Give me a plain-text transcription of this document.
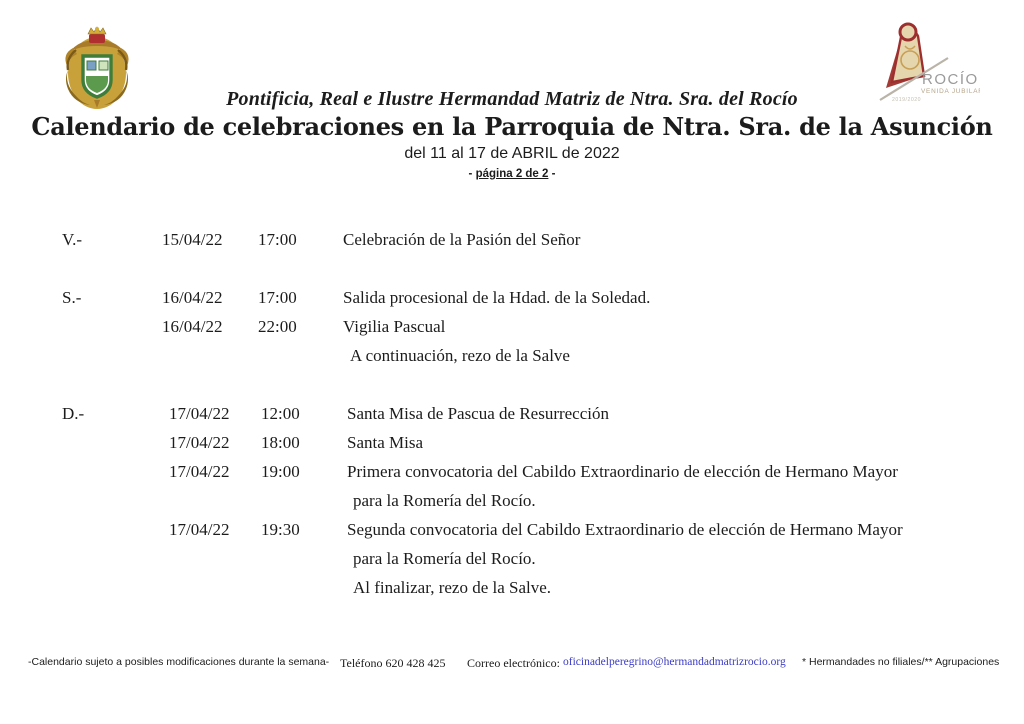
ROCÍO
VENIDA JUBILAR
2019/2020
Pontificia, Real e Ilustre Hermandad Matriz de Ntra. Sra. del Rocío
Calendario de celebraciones en la Parroquia de Ntra. Sra. de la Asunción
del 11 al 17 de ABRIL de 2022
- página 2 de 2 -
V.-	15/04/22 17:00	Celebración de la Pasión del Señor
S.-	16/04/22 17:00	Salida procesional de la Hdad. de la Soledad.
16/04/22 22:00	Vigilia Pascual
A continuación, rezo de la Salve
D.-	17/04/22 12:00	Santa Misa de Pascua de Resurrección
17/04/22 18:00	Santa Misa
17/04/22 19:00	Primera convocatoria del Cabildo Extraordinario de elección de Hermano Mayor
para la Romería del Rocío.
17/04/22 19:30	Segunda convocatoria del Cabildo Extraordinario de elección de Hermano Mayor
para la Romería del Rocío.
Al finalizar, rezo de la Salve.
-Calendario sujeto a posibles modificaciones durante la semana- Teléfono 620 428 425 Correo electrónico: oficinadelperegrino@hermandadmatrizrocio.org * Hermandades no filiales/** Agrupaciones
